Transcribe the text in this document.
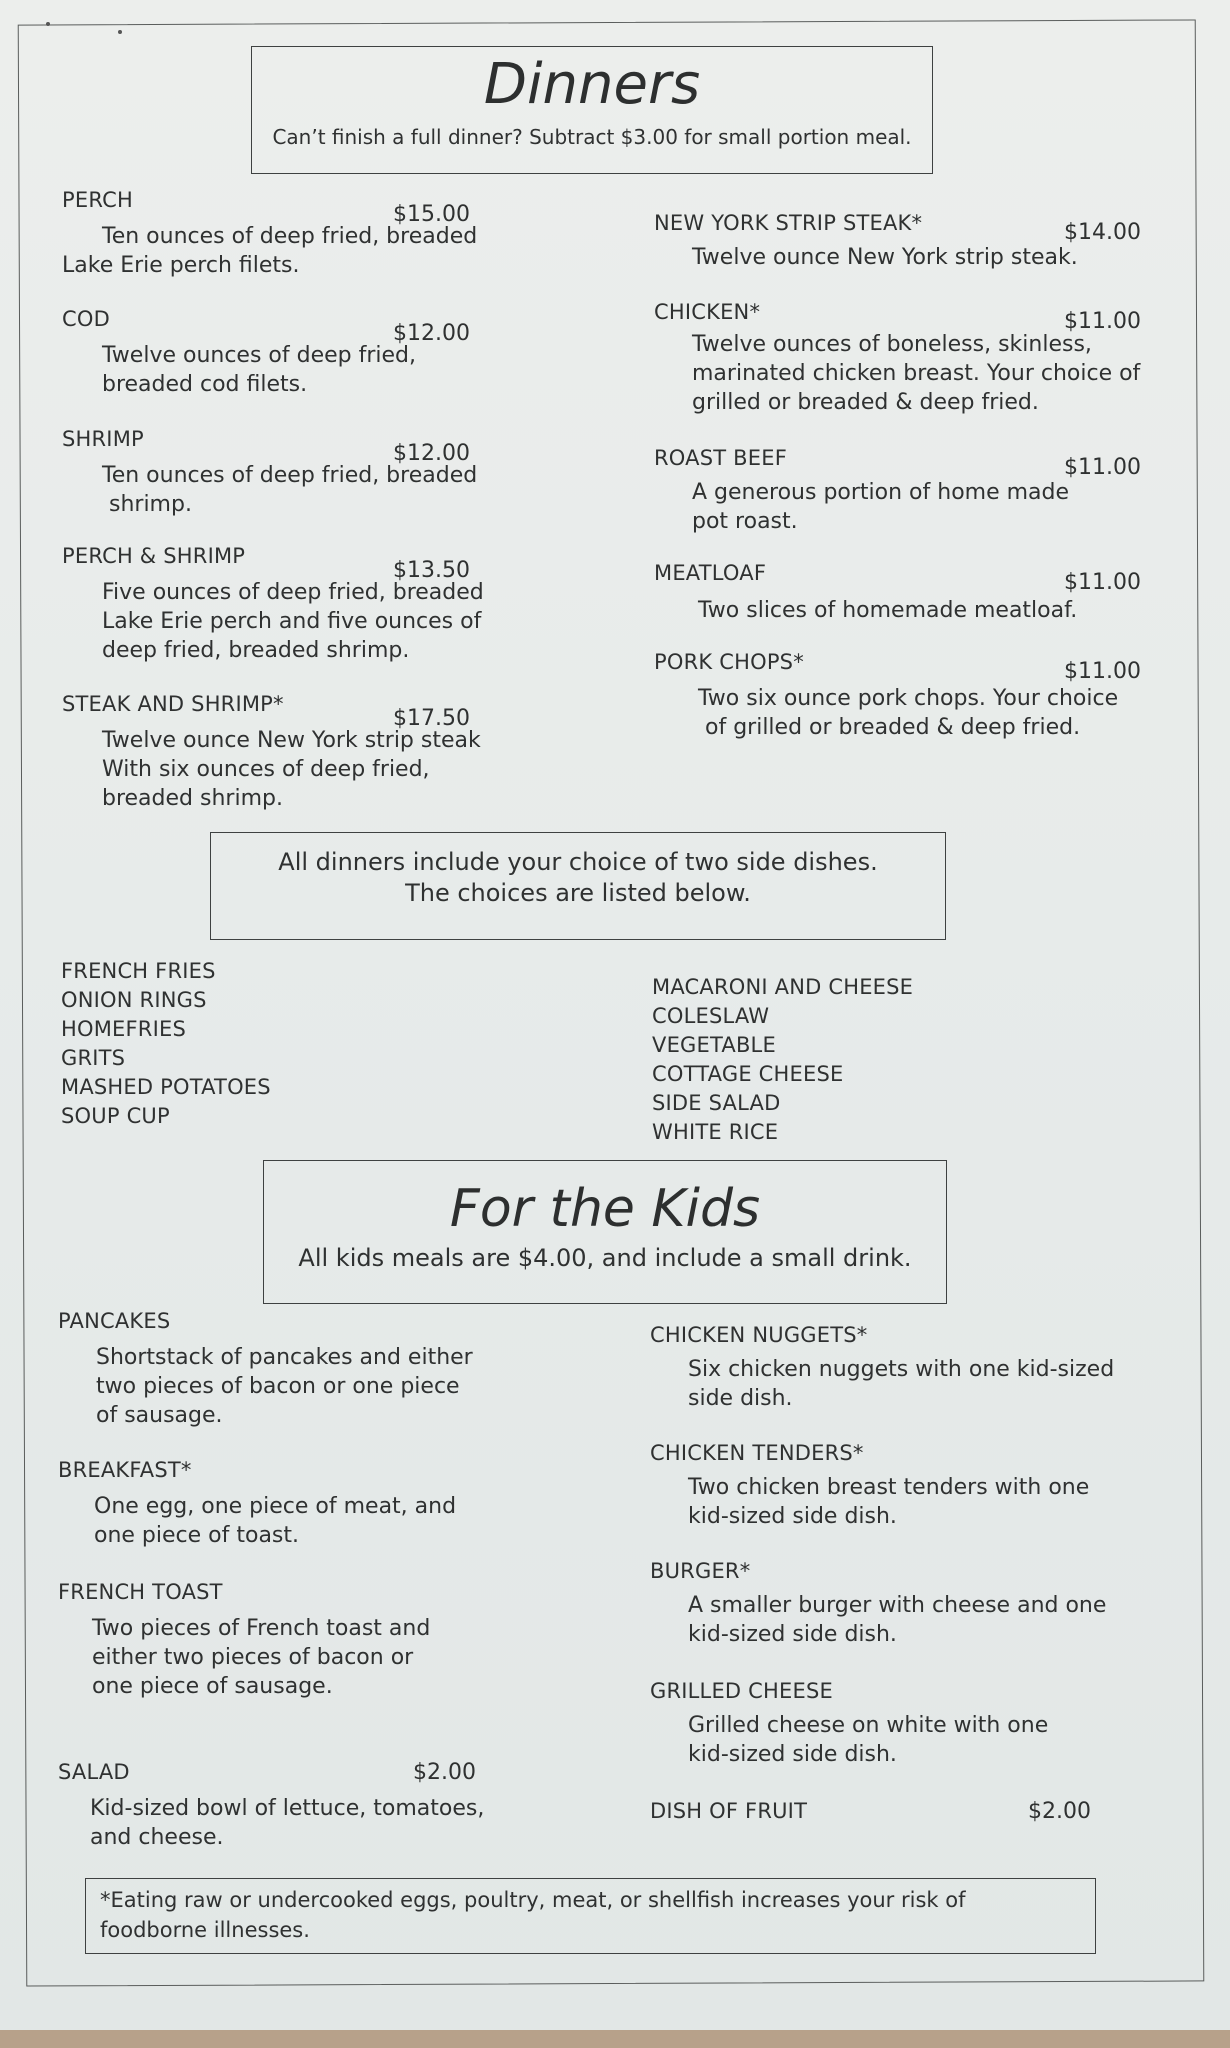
Dinners
Can’t finish a full dinner? Subtract $3.00 for small portion meal.
PERCH
$15.00
Ten ounces of deep fried, breaded
Lake Erie perch filets.
COD
$12.00
Twelve ounces of deep fried,
breaded cod filets.
SHRIMP
$12.00
Ten ounces of deep fried, breaded
shrimp.
PERCH & SHRIMP
$13.50
Five ounces of deep fried, breaded
Lake Erie perch and five ounces of
deep fried, breaded shrimp.
STEAK AND SHRIMP*
$17.50
Twelve ounce New York strip steak
With six ounces of deep fried,
breaded shrimp.
NEW YORK STRIP STEAK*	$14.00
Twelve ounce New York strip steak.
CHICKEN*	$11.00
Twelve ounces of boneless, skinless,
marinated chicken breast. Your choice of
grilled or breaded & deep fried.
ROAST BEEF	$11.00
A generous portion of home made
pot roast.
MEATLOAF	$11.00
Two slices of homemade meatloaf.
PORK CHOPS*	$11.00
Two six ounce pork chops. Your choice
of grilled or breaded & deep fried.
All dinners include your choice of two side dishes.
The choices are listed below.
FRENCH FRIES
ONION RINGS
HOMEFRIES
GRITS
MASHED POTATOES
SOUP CUP
MACARONI AND CHEESE
COLESLAW
VEGETABLE
COTTAGE CHEESE
SIDE SALAD
WHITE RICE
For the Kids
All kids meals are $4.00, and include a small drink.
PANCAKES
Shortstack of pancakes and either
two pieces of bacon or one piece
of sausage.
BREAKFAST*
One egg, one piece of meat, and
one piece of toast.
FRENCH TOAST
Two pieces of French toast and
either two pieces of bacon or
one piece of sausage.
SALAD	$2.00
Kid-sized bowl of lettuce, tomatoes,
and cheese.
CHICKEN NUGGETS*
Six chicken nuggets with one kid-sized
side dish.
CHICKEN TENDERS*
Two chicken breast tenders with one
kid-sized side dish.
BURGER*
A smaller burger with cheese and one
kid-sized side dish.
GRILLED CHEESE
Grilled cheese on white with one
kid-sized side dish.
DISH OF FRUIT	$2.00
*Eating raw or undercooked eggs, poultry, meat, or shellfish increases your risk of
foodborne illnesses.
